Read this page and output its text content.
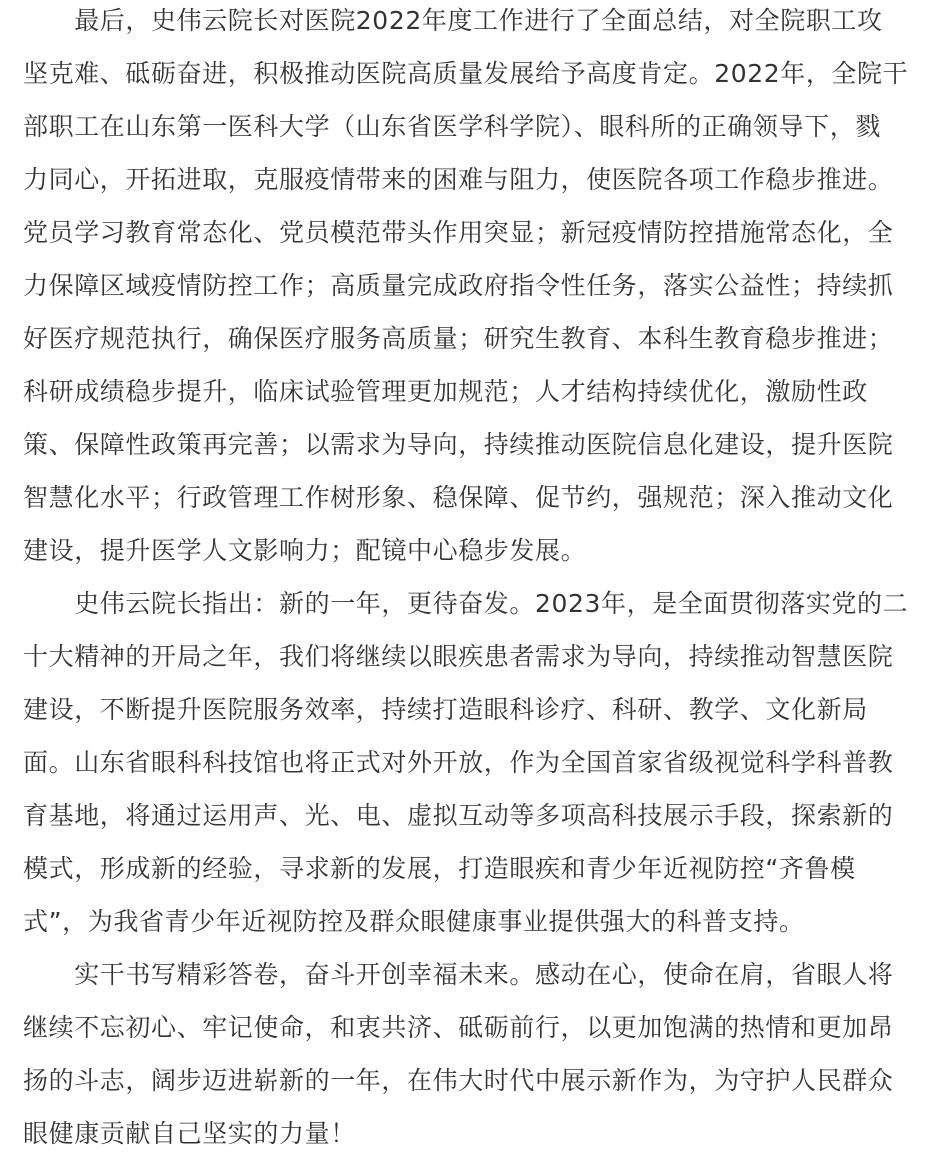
　　最后，史伟云院长对医院2022年度工作进行了全面总结，对全院职工攻
坚克难、砥砺奋进，积极推动医院高质量发展给予高度肯定。2022年，全院干
部职工在山东第一医科大学（山东省医学科学院）、眼科所的正确领导下，戮
力同心，开拓进取，克服疫情带来的困难与阻力，使医院各项工作稳步推进。
党员学习教育常态化、党员模范带头作用突显；新冠疫情防控措施常态化，全
力保障区域疫情防控工作；高质量完成政府指令性任务，落实公益性；持续抓
好医疗规范执行，确保医疗服务高质量；研究生教育、本科生教育稳步推进；
科研成绩稳步提升，临床试验管理更加规范；人才结构持续优化，激励性政
策、保障性政策再完善；以需求为导向，持续推动医院信息化建设，提升医院
智慧化水平；行政管理工作树形象、稳保障、促节约，强规范；深入推动文化
建设，提升医学人文影响力；配镜中心稳步发展。
　　史伟云院长指出：新的一年，更待奋发。2023年，是全面贯彻落实党的二
十大精神的开局之年，我们将继续以眼疾患者需求为导向，持续推动智慧医院
建设，不断提升医院服务效率，持续打造眼科诊疗、科研、教学、文化新局
面。山东省眼科科技馆也将正式对外开放，作为全国首家省级视觉科学科普教
育基地，将通过运用声、光、电、虚拟互动等多项高科技展示手段，探索新的
模式，形成新的经验，寻求新的发展，打造眼疾和青少年近视防控“齐鲁模
式”，为我省青少年近视防控及群众眼健康事业提供强大的科普支持。
　　实干书写精彩答卷，奋斗开创幸福未来。感动在心，使命在肩，省眼人将
继续不忘初心、牢记使命，和衷共济、砥砺前行，以更加饱满的热情和更加昂
扬的斗志，阔步迈进崭新的一年，在伟大时代中展示新作为，为守护人民群众
眼健康贡献自己坚实的力量！
